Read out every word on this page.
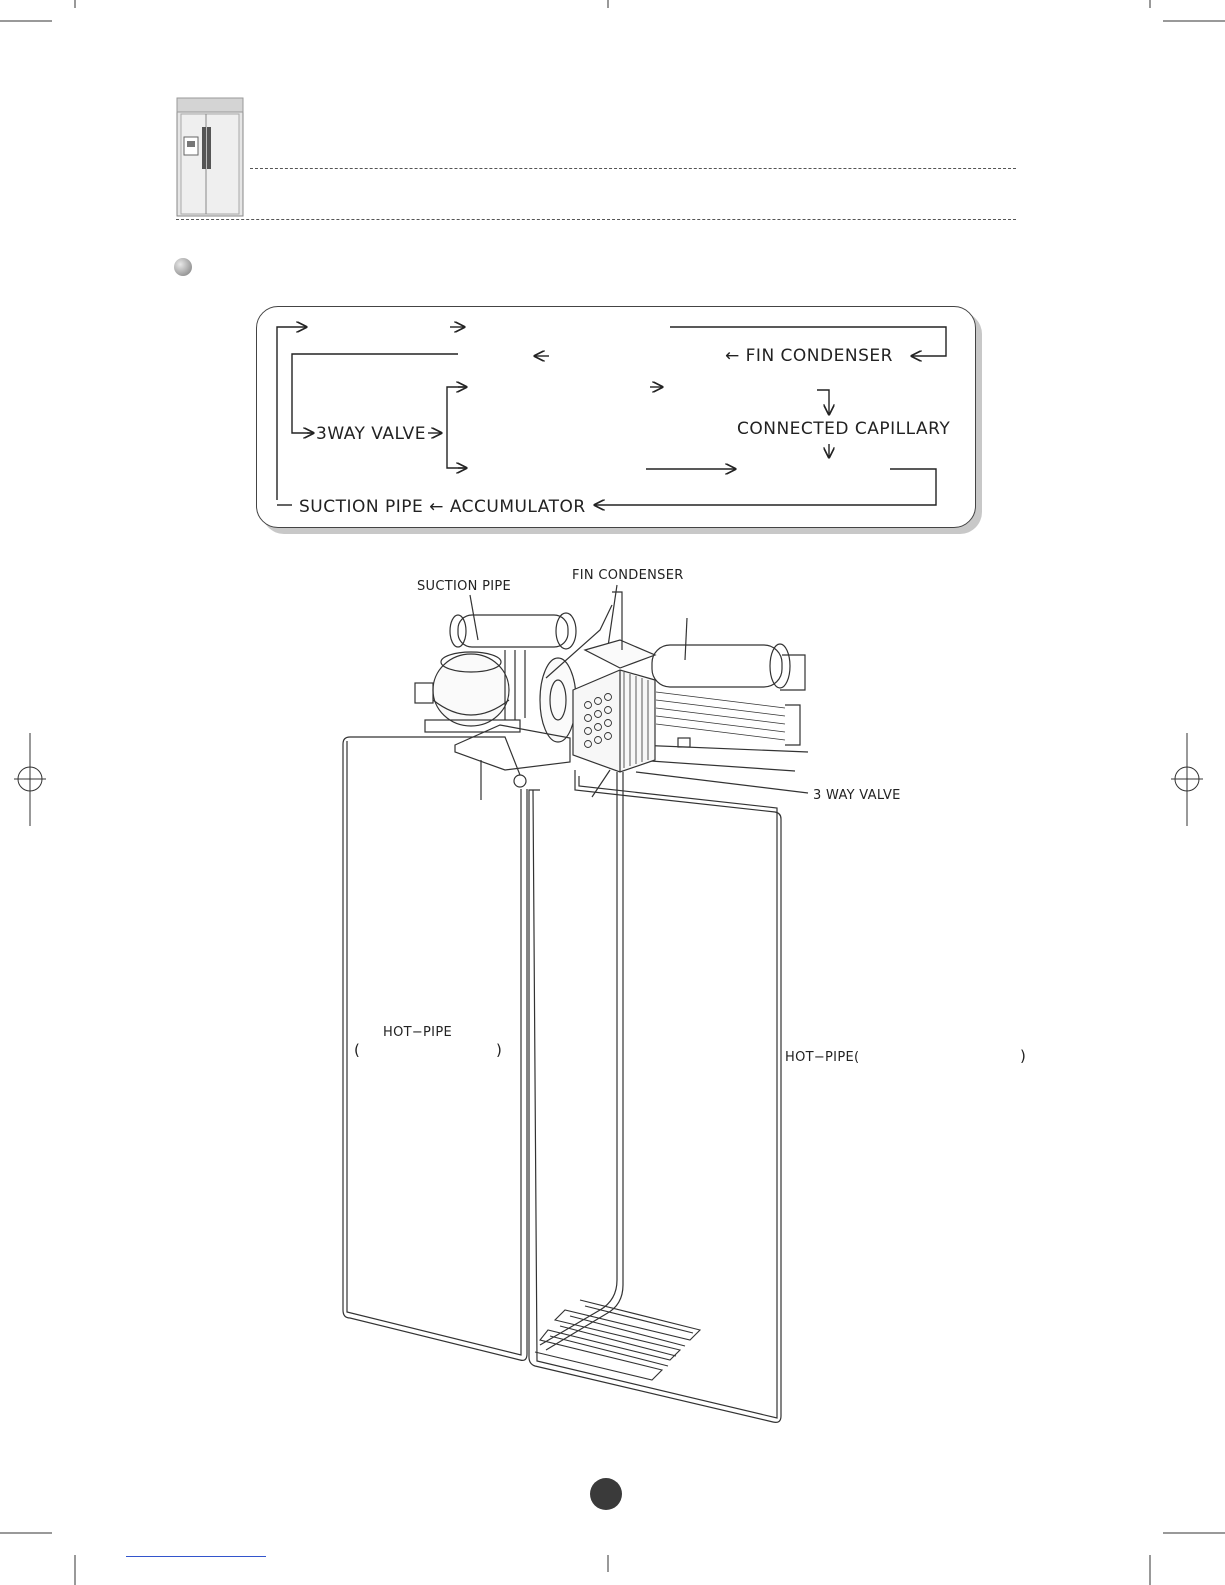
← FIN CONDENSER
3WAY VALVE	CONNECTED CAPILLARY
SUCTION PIPE ← ACCUMULATOR
SUCTION PIPE
FIN CONDENSER
3 WAY VALVE
HOT−PIPE
(	)	HOT−PIPE(	)
